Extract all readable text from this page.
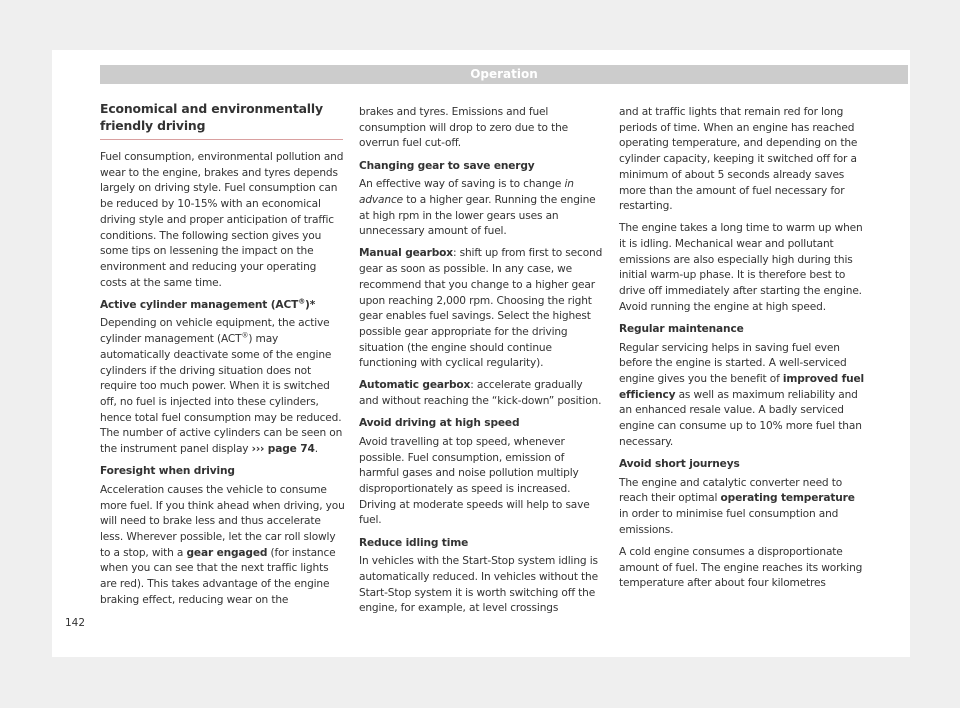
Operation
Economical and environmentally friendly driving

Fuel consumption, environmental pollution and wear to the engine, brakes and tyres depends largely on driving style. Fuel consumption can be reduced by 10-15% with an economical driving style and proper anticipation of traffic conditions. The following section gives you some tips on lessening the impact on the environment and reducing your operating costs at the same time.

Active cylinder management (ACT®)*

Depending on vehicle equipment, the active cylinder management (ACT®) may automatically deactivate some of the engine cylinders if the driving situation does not require too much power. When it is switched off, no fuel is injected into these cylinders, hence total fuel consumption may be reduced. The number of active cylinders can be seen on the instrument panel display ››› page 74.

Foresight when driving

Acceleration causes the vehicle to consume more fuel. If you think ahead when driving, you will need to brake less and thus accelerate less. Wherever possible, let the car roll slowly to a stop, with a gear engaged (for instance when you can see that the next traffic lights are red). This takes advantage of the engine braking effect, reducing wear on the

brakes and tyres. Emissions and fuel consumption will drop to zero due to the overrun fuel cut-off.

Changing gear to save energy

An effective way of saving is to change in advance to a higher gear. Running the engine at high rpm in the lower gears uses an unnecessary amount of fuel.

Manual gearbox: shift up from first to second gear as soon as possible. In any case, we recommend that you change to a higher gear upon reaching 2,000 rpm. Choosing the right gear enables fuel savings. Select the highest possible gear appropriate for the driving situation (the engine should continue functioning with cyclical regularity).

Automatic gearbox: accelerate gradually and without reaching the “kick-down” position.

Avoid driving at high speed

Avoid travelling at top speed, whenever possible. Fuel consumption, emission of harmful gases and noise pollution multiply disproportionately as speed is increased. Driving at moderate speeds will help to save fuel.

Reduce idling time

In vehicles with the Start-Stop system idling is automatically reduced. In vehicles without the Start-Stop system it is worth switching off the engine, for example, at level crossings

and at traffic lights that remain red for long periods of time. When an engine has reached operating temperature, and depending on the cylinder capacity, keeping it switched off for a minimum of about 5 seconds already saves more than the amount of fuel necessary for restarting.

The engine takes a long time to warm up when it is idling. Mechanical wear and pollutant emissions are also especially high during this initial warm-up phase. It is therefore best to drive off immediately after starting the engine. Avoid running the engine at high speed.

Regular maintenance

Regular servicing helps in saving fuel even before the engine is started. A well-serviced engine gives you the benefit of improved fuel efficiency as well as maximum reliability and an enhanced resale value. A badly serviced engine can consume up to 10% more fuel than necessary.

Avoid short journeys

The engine and catalytic converter need to reach their optimal operating temperature in order to minimise fuel consumption and emissions.

A cold engine consumes a disproportionate amount of fuel. The engine reaches its working temperature after about four kilometres

142
